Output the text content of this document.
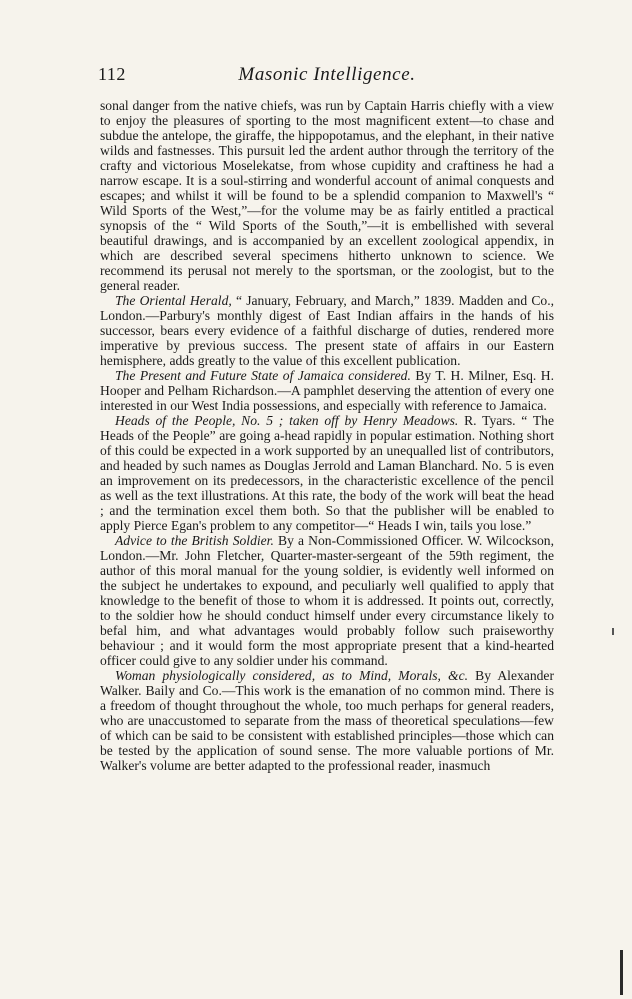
112	Masonic Intelligence.

sonal danger from the native chiefs, was run by Captain Harris chiefly with a view to enjoy the pleasures of sporting to the most magnificent extent—to chase and subdue the antelope, the giraffe, the hippopotamus, and the elephant, in their native wilds and fastnesses. This pursuit led the ardent author through the territory of the crafty and victorious Moselekatse, from whose cupidity and craftiness he had a narrow escape. It is a soul-stirring and wonderful account of animal conquests and escapes; and whilst it will be found to be a splendid companion to Maxwell's “ Wild Sports of the West,”—for the volume may be as fairly entitled a practical synopsis of the “ Wild Sports of the South,”—it is embellished with several beautiful drawings, and is accompanied by an excellent zoological appendix, in which are described several specimens hitherto unknown to science. We recommend its perusal not merely to the sportsman, or the zoologist, but to the general reader.

The Oriental Herald, “ January, February, and March,” 1839. Madden and Co., London.—Parbury's monthly digest of East Indian affairs in the hands of his successor, bears every evidence of a faithful discharge of duties, rendered more imperative by previous success. The present state of affairs in our Eastern hemisphere, adds greatly to the value of this excellent publication.

The Present and Future State of Jamaica considered. By T. H. Milner, Esq. H. Hooper and Pelham Richardson.—A pamphlet deserving the attention of every one interested in our West India possessions, and especially with reference to Jamaica.

Heads of the People, No. 5 ; taken off by Henry Meadows. R. Tyars. “ The Heads of the People” are going a-head rapidly in popular estimation. Nothing short of this could be expected in a work supported by an unequalled list of contributors, and headed by such names as Douglas Jerrold and Laman Blanchard. No. 5 is even an improvement on its predecessors, in the characteristic excellence of the pencil as well as the text illustrations. At this rate, the body of the work will beat the head ; and the termination excel them both. So that the publisher will be enabled to apply Pierce Egan's problem to any competitor—“ Heads I win, tails you lose.”

Advice to the British Soldier. By a Non-Commissioned Officer. W. Wilcockson, London.—Mr. John Fletcher, Quarter-master-sergeant of the 59th regiment, the author of this moral manual for the young soldier, is evidently well informed on the subject he undertakes to expound, and peculiarly well qualified to apply that knowledge to the benefit of those to whom it is addressed. It points out, correctly, to the soldier how he should conduct himself under every circumstance likely to befal him, and what advantages would probably follow such praiseworthy behaviour ; and it would form the most appropriate present that a kind-hearted officer could give to any soldier under his command.

Woman physiologically considered, as to Mind, Morals, &c. By Alexander Walker. Baily and Co.—This work is the emanation of no common mind. There is a freedom of thought throughout the whole, too much perhaps for general readers, who are unaccustomed to separate from the mass of theoretical speculations—few of which can be said to be consistent with established principles—those which can be tested by the application of sound sense. The more valuable portions of Mr. Walker's volume are better adapted to the professional reader, inasmuch
